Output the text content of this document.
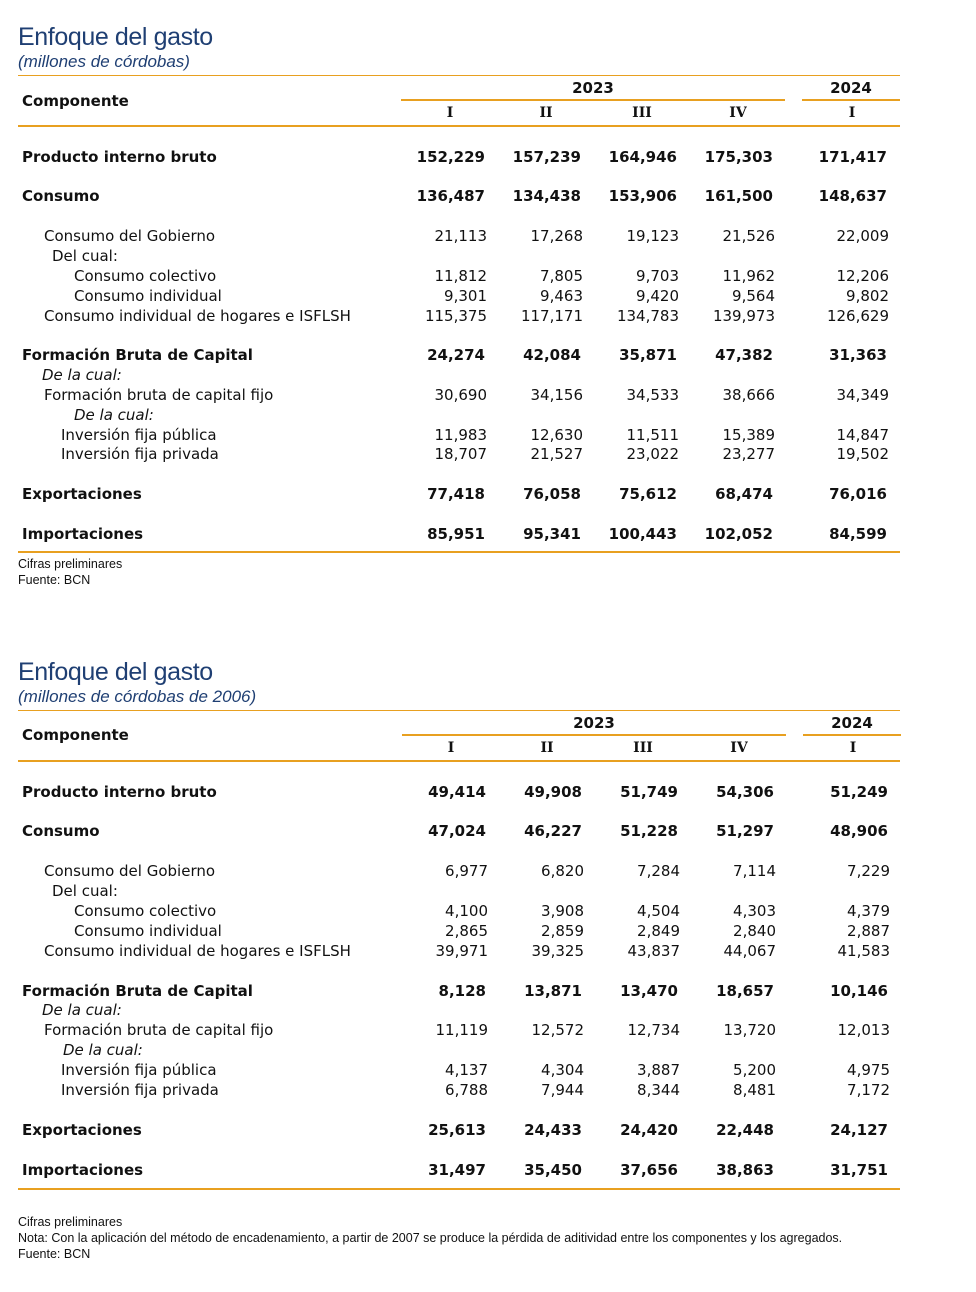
Enfoque del gasto
(millones de córdobas)
Componente
2023	2024
I	II	III	IV	I
Producto interno bruto	152,229	157,239	164,946	175,303	171,417
Consumo	136,487	134,438	153,906	161,500	148,637
Consumo del Gobierno	21,113	17,268	19,123	21,526	22,009
Del cual:
Consumo colectivo	11,812	7,805	9,703	11,962	12,206
Consumo individual	9,301	9,463	9,420	9,564	9,802
Consumo individual de hogares e ISFLSH	115,375	117,171	134,783	139,973	126,629
Formación Bruta de Capital	24,274	42,084	35,871	47,382	31,363
De la cual:
Formación bruta de capital fijo	30,690	34,156	34,533	38,666	34,349
De la cual:
Inversión fija pública	11,983	12,630	11,511	15,389	14,847
Inversión fija privada	18,707	21,527	23,022	23,277	19,502
Exportaciones	77,418	76,058	75,612	68,474	76,016
Importaciones	85,951	95,341	100,443	102,052	84,599
Cifras preliminares
Fuente: BCN
Enfoque del gasto
(millones de córdobas de 2006)
Componente
2023	2024
I	II	III	IV	I
Producto interno bruto	49,414	49,908	51,749	54,306	51,249
Consumo	47,024	46,227	51,228	51,297	48,906
Consumo del Gobierno	6,977	6,820	7,284	7,114	7,229
Del cual:
Consumo colectivo	4,100	3,908	4,504	4,303	4,379
Consumo individual	2,865	2,859	2,849	2,840	2,887
Consumo individual de hogares e ISFLSH	39,971	39,325	43,837	44,067	41,583
Formación Bruta de Capital	8,128	13,871	13,470	18,657	10,146
De la cual:
Formación bruta de capital fijo	11,119	12,572	12,734	13,720	12,013
De la cual:
Inversión fija pública	4,137	4,304	3,887	5,200	4,975
Inversión fija privada	6,788	7,944	8,344	8,481	7,172
Exportaciones	25,613	24,433	24,420	22,448	24,127
Importaciones	31,497	35,450	37,656	38,863	31,751
Cifras preliminares
Nota: Con la aplicación del método de encadenamiento, a partir de 2007 se produce la pérdida de aditividad entre los componentes y los agregados.
Fuente: BCN
